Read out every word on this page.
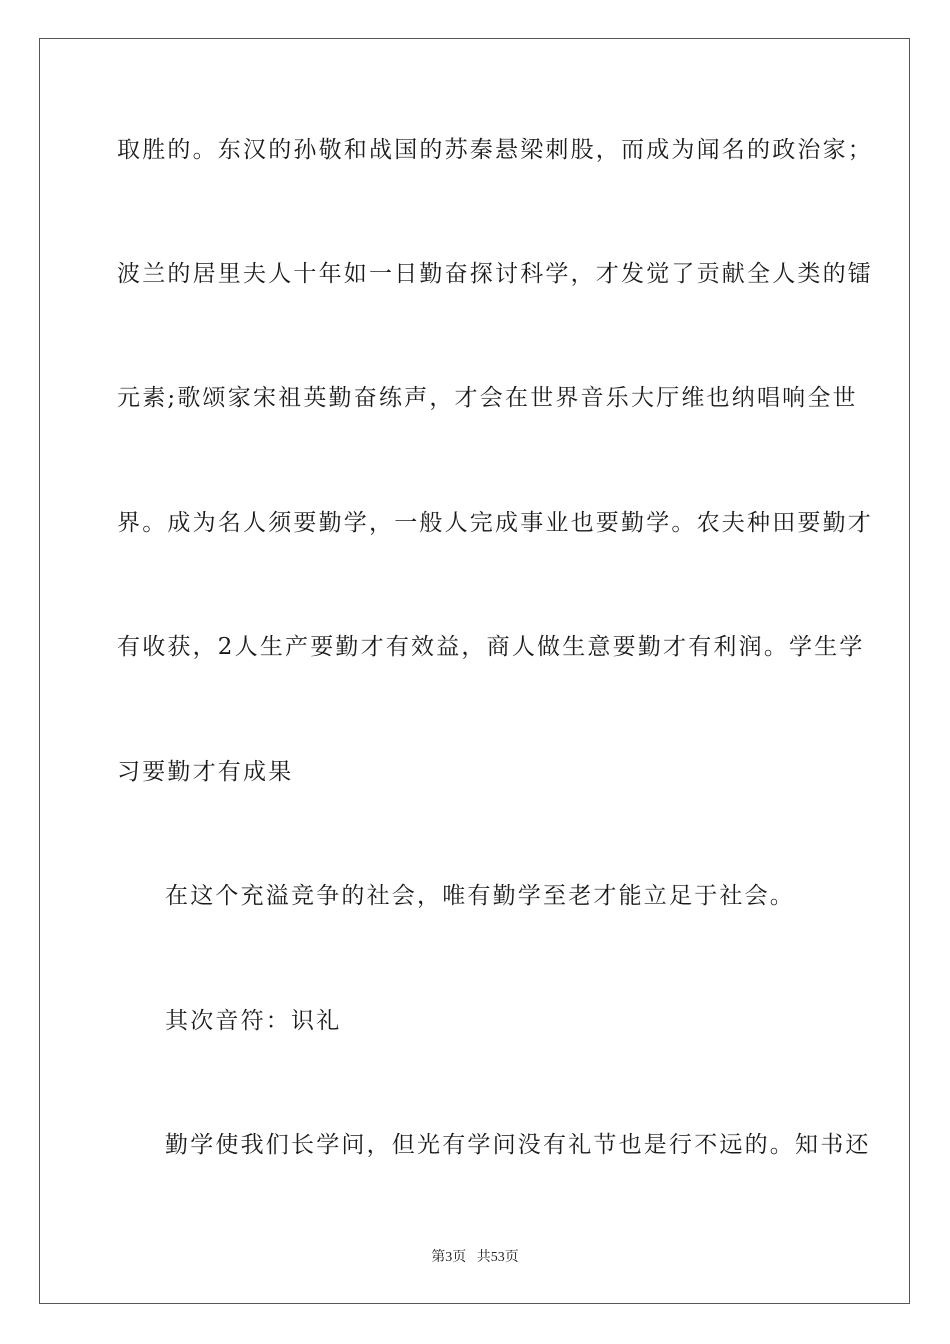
取胜的。东汉的孙敬和战国的苏秦悬梁刺股，而成为闻名的政治家；
波兰的居里夫人十年如一日勤奋探讨科学，才发觉了贡献全人类的镭
元素;歌颂家宋祖英勤奋练声，才会在世界音乐大厅维也纳唱响全世
界。成为名人须要勤学，一般人完成事业也要勤学。农夫种田要勤才
有收获，2人生产要勤才有效益，商人做生意要勤才有利润。学生学
习要勤才有成果
在这个充溢竞争的社会，唯有勤学至老才能立足于社会。
其次音符：识礼
勤学使我们长学问，但光有学问没有礼节也是行不远的。知书还
第3页   共53页
